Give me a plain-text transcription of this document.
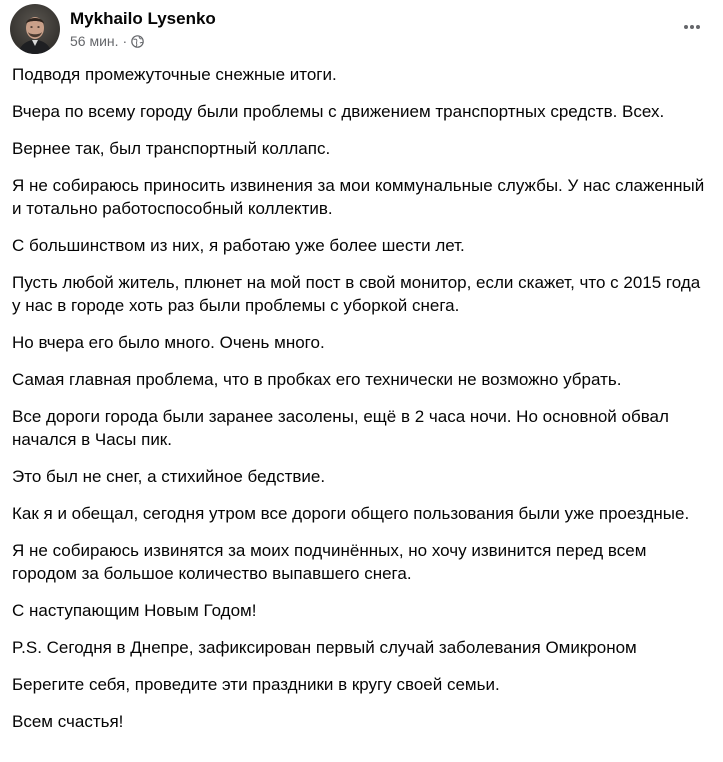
Mykhailo Lysenko
56 мин. ·

Подводя промежуточные снежные итоги.

Вчера по всему городу были проблемы с движением транспортных средств. Всех.

Вернее так, был транспортный коллапс.

Я не собираюсь приносить извинения за мои коммунальные службы. У нас слаженный и тотально работоспособный коллектив.

С большинством из них, я работаю уже более шести лет.

Пусть любой житель, плюнет на мой пост в свой монитор, если скажет, что с 2015 года у нас в городе хоть раз были проблемы с уборкой снега.

Но вчера его было много. Очень много.

Самая главная проблема, что в пробках его технически не возможно убрать.

Все дороги города были заранее засолены, ещё в 2 часа ночи. Но основной обвал начался в Часы пик.

Это был не снег, а стихийное бедствие.

Как я и обещал, сегодня утром все дороги общего пользования были уже проездные.

Я не собираюсь извинятся за моих подчинённых, но хочу извинится перед всем городом за большое количество выпавшего снега.

С наступающим Новым Годом!

P.S. Сегодня в Днепре, зафиксирован первый случай заболевания Омикроном

Берегите себя, проведите эти праздники в кругу своей семьи.

Всем счастья!
